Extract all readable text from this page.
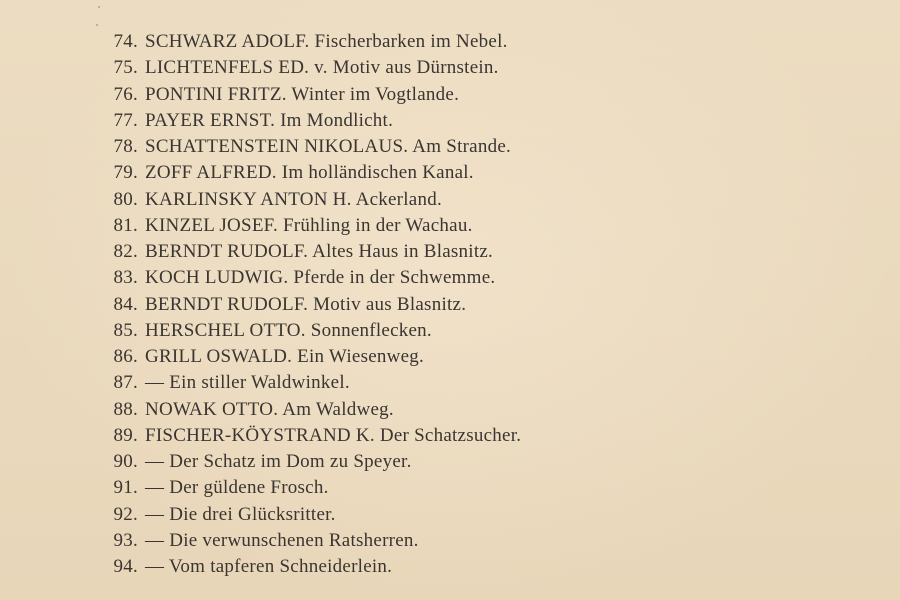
74. SCHWARZ ADOLF. Fischerbarken im Nebel.
75. LICHTENFELS ED. v. Motiv aus Dürnstein.
76. PONTINI FRITZ. Winter im Vogtlande.
77. PAYER ERNST. Im Mondlicht.
78. SCHATTENSTEIN NIKOLAUS. Am Strande.
79. ZOFF ALFRED. Im holländischen Kanal.
80. KARLINSKY ANTON H. Ackerland.
81. KINZEL JOSEF. Frühling in der Wachau.
82. BERNDT RUDOLF. Altes Haus in Blasnitz.
83. KOCH LUDWIG. Pferde in der Schwemme.
84. BERNDT RUDOLF. Motiv aus Blasnitz.
85. HERSCHEL OTTO. Sonnenflecken.
86. GRILL OSWALD. Ein Wiesenweg.
87. — Ein stiller Waldwinkel.
88. NOWAK OTTO. Am Waldweg.
89. FISCHER-KÖYSTRAND K. Der Schatzsucher.
90. — Der Schatz im Dom zu Speyer.
91. — Der güldene Frosch.
92. — Die drei Glücksritter.
93. — Die verwunschenen Ratsherren.
94. — Vom tapferen Schneiderlein.
